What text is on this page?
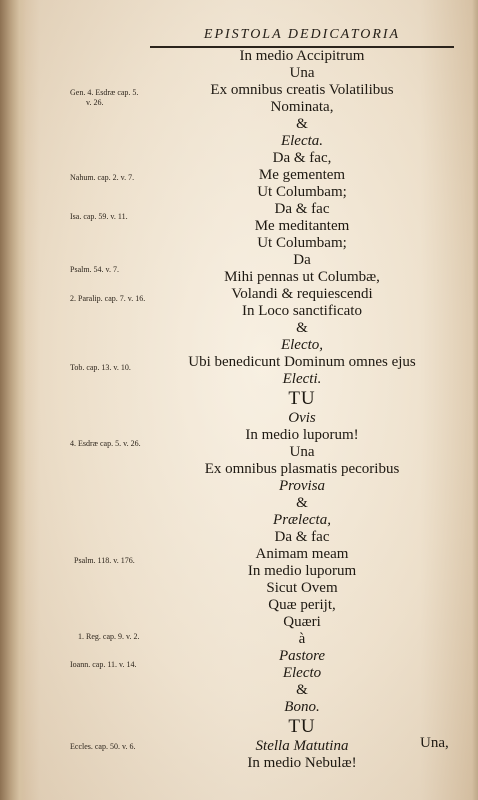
EPISTOLA DEDICATORIA
In medio Accipitrum
Una
Ex omnibus creatis Volatilibus
Nominata,
&
Electa.
Da & fac,
Me gementem
Ut Columbam;
Da & fac
Me meditantem
Ut Columbam;
Da
Mihi pennas ut Columbæ,
Volandi & requiescendi
In Loco sanctificato
&
Electo,
Ubi benedicunt Dominum omnes ejus
Electi.
TU
Ovis
In medio luporum!
Una
Ex omnibus plasmatis pecoribus
Provisa
&
Prælecta,
Da & fac
Animam meam
In medio luporum
Sicut Ovem
Quæ perijt,
Quæri
à
Pastore
Electo
&
Bono.
TU
Stella Matutina
In medio Nebulæ!
Gen. 4. Esdræ cap. 5.
v. 26.
Nahum. cap. 2. v. 7.
Isa. cap. 59. v. 11.
Psalm. 54. v. 7.
2. Paralip. cap. 7. v. 16.
Tob. cap. 13. v. 10.
4. Esdræ cap. 5. v. 26.
Psalm. 118. v. 176.
1. Reg. cap. 9. v. 2.
Ioann. cap. 11. v. 14.
Eccles. cap. 50. v. 6.	Una,
